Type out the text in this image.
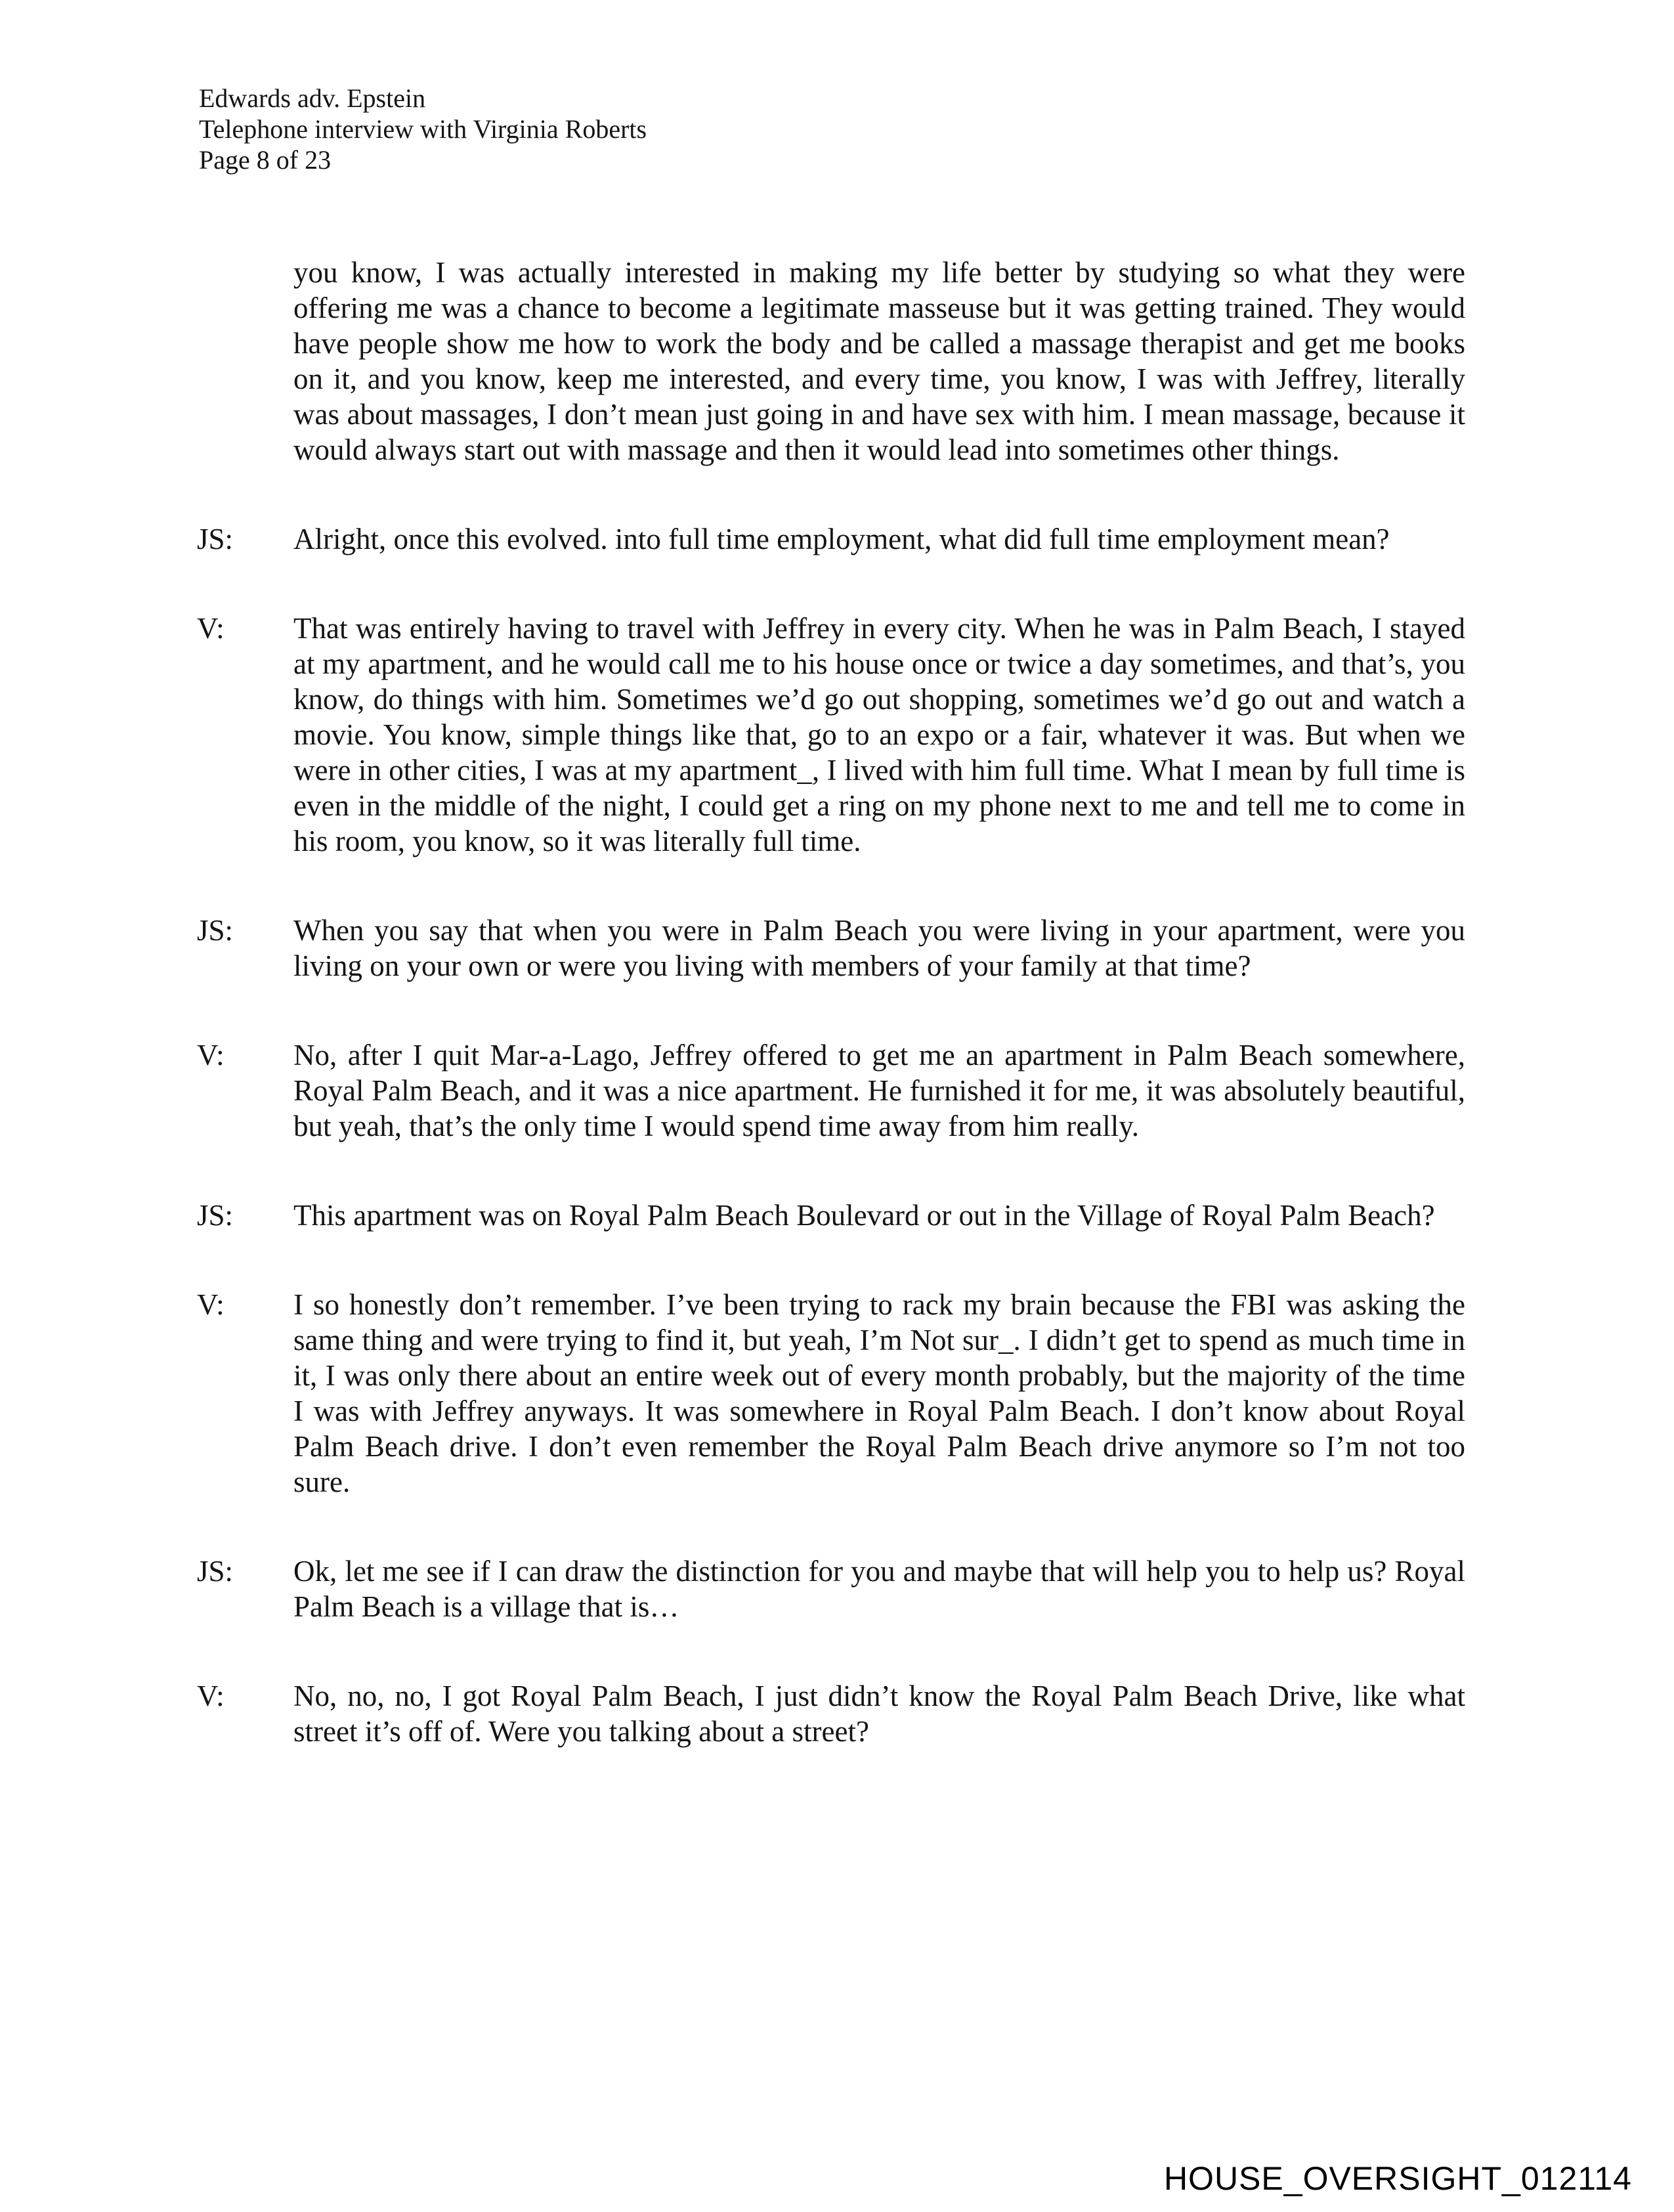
Edwards adv. Epstein
Telephone interview with Virginia Roberts
Page 8 of 23
you know, I was actually interested in making my life better by studying so what they were offering me was a chance to become a legitimate masseuse but it was getting trained. They would have people show me how to work the body and be called a massage therapist and get me books on it, and you know, keep me interested, and every time, you know, I was with Jeffrey, literally was about massages, I don’t mean just going in and have sex with him. I mean massage, because it would always start out with massage and then it would lead into sometimes other things.
JS:	Alright, once this evolved. into full time employment, what did full time employment mean?
V:	That was entirely having to travel with Jeffrey in every city. When he was in Palm Beach, I stayed at my apartment, and he would call me to his house once or twice a day sometimes, and that’s, you know, do things with him. Sometimes we’d go out shopping, sometimes we’d go out and watch a movie. You know, simple things like that, go to an expo or a fair, whatever it was. But when we were in other cities, I was at my apartment_, I lived with him full time. What I mean by full time is even in the middle of the night, I could get a ring on my phone next to me and tell me to come in his room, you know, so it was literally full time.
JS:	When you say that when you were in Palm Beach you were living in your apartment, were you living on your own or were you living with members of your family at that time?
V:	No, after I quit Mar-a-Lago, Jeffrey offered to get me an apartment in Palm Beach somewhere, Royal Palm Beach, and it was a nice apartment. He furnished it for me, it was absolutely beautiful, but yeah, that’s the only time I would spend time away from him really.
JS:	This apartment was on Royal Palm Beach Boulevard or out in the Village of Royal Palm Beach?
V:	I so honestly don’t remember. I’ve been trying to rack my brain because the FBI was asking the same thing and were trying to find it, but yeah, I’m Not sur_. I didn’t get to spend as much time in it, I was only there about an entire week out of every month probably, but the majority of the time I was with Jeffrey anyways. It was somewhere in Royal Palm Beach. I don’t know about Royal Palm Beach drive. I don’t even remember the Royal Palm Beach drive anymore so I’m not too sure.
JS:	Ok, let me see if I can draw the distinction for you and maybe that will help you to help us? Royal Palm Beach is a village that is…
V:	No, no, no, I got Royal Palm Beach, I just didn’t know the Royal Palm Beach Drive, like what street it’s off of. Were you talking about a street?
HOUSE_OVERSIGHT_012114
